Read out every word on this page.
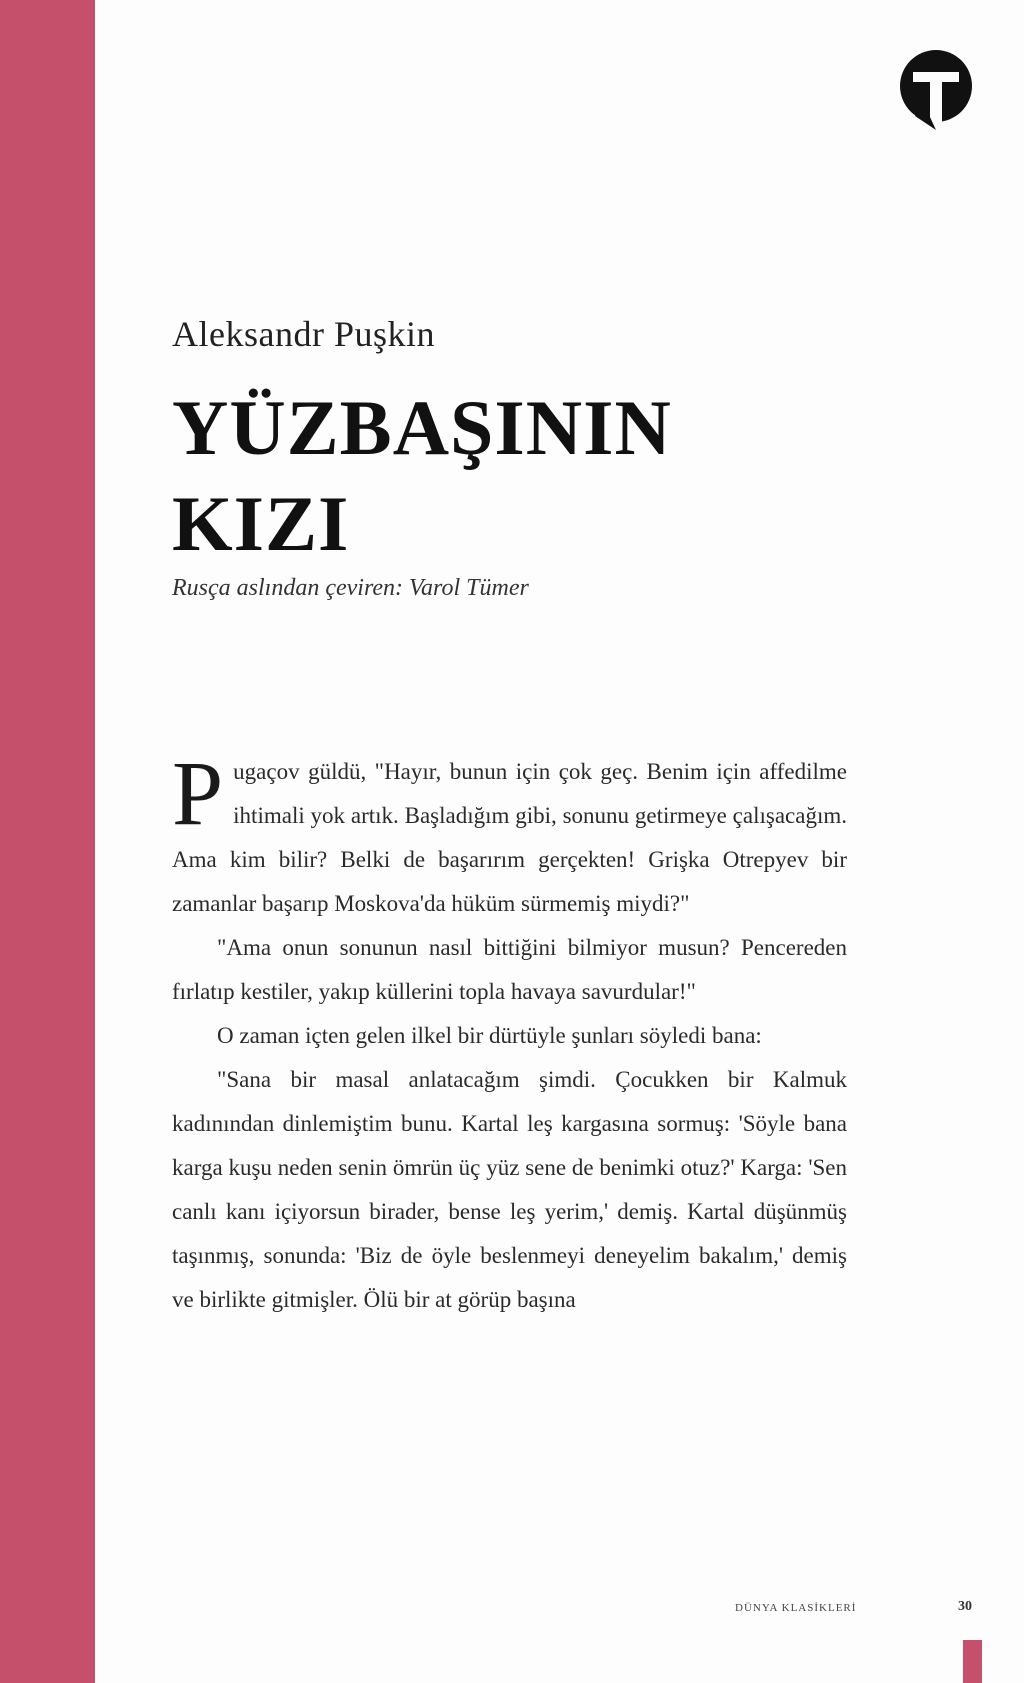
Aleksandr Puşkin
YÜZBAŞININ
KIZI
Rusça aslından çeviren: Varol Tümer

Pugaçov güldü, "Hayır, bunun için çok geç. Benim için affedilme ihtimali yok artık. Başladığım gibi, sonunu getirmeye çalışacağım. Ama kim bilir? Belki de başarırım gerçekten! Grişka Otrepyev bir zamanlar başarıp Moskova'da hüküm sürmemiş miydi?"

"Ama onun sonunun nasıl bittiğini bilmiyor musun? Pencereden fırlatıp kestiler, yakıp küllerini topla havaya savurdular!"

O zaman içten gelen ilkel bir dürtüyle şunları söyledi bana:

"Sana bir masal anlatacağım şimdi. Çocukken bir Kalmuk kadınından dinlemiştim bunu. Kartal leş kargasına sormuş: 'Söyle bana karga kuşu neden senin ömrün üç yüz sene de benimki otuz?' Karga: 'Sen canlı kanı içiyorsun birader, bense leş yerim,' demiş. Kartal düşünmüş taşınmış, sonunda: 'Biz de öyle beslenmeyi deneyelim bakalım,' demiş ve birlikte gitmişler. Ölü bir at görüp başına

DÜNYA KLASİKLERİ	30
